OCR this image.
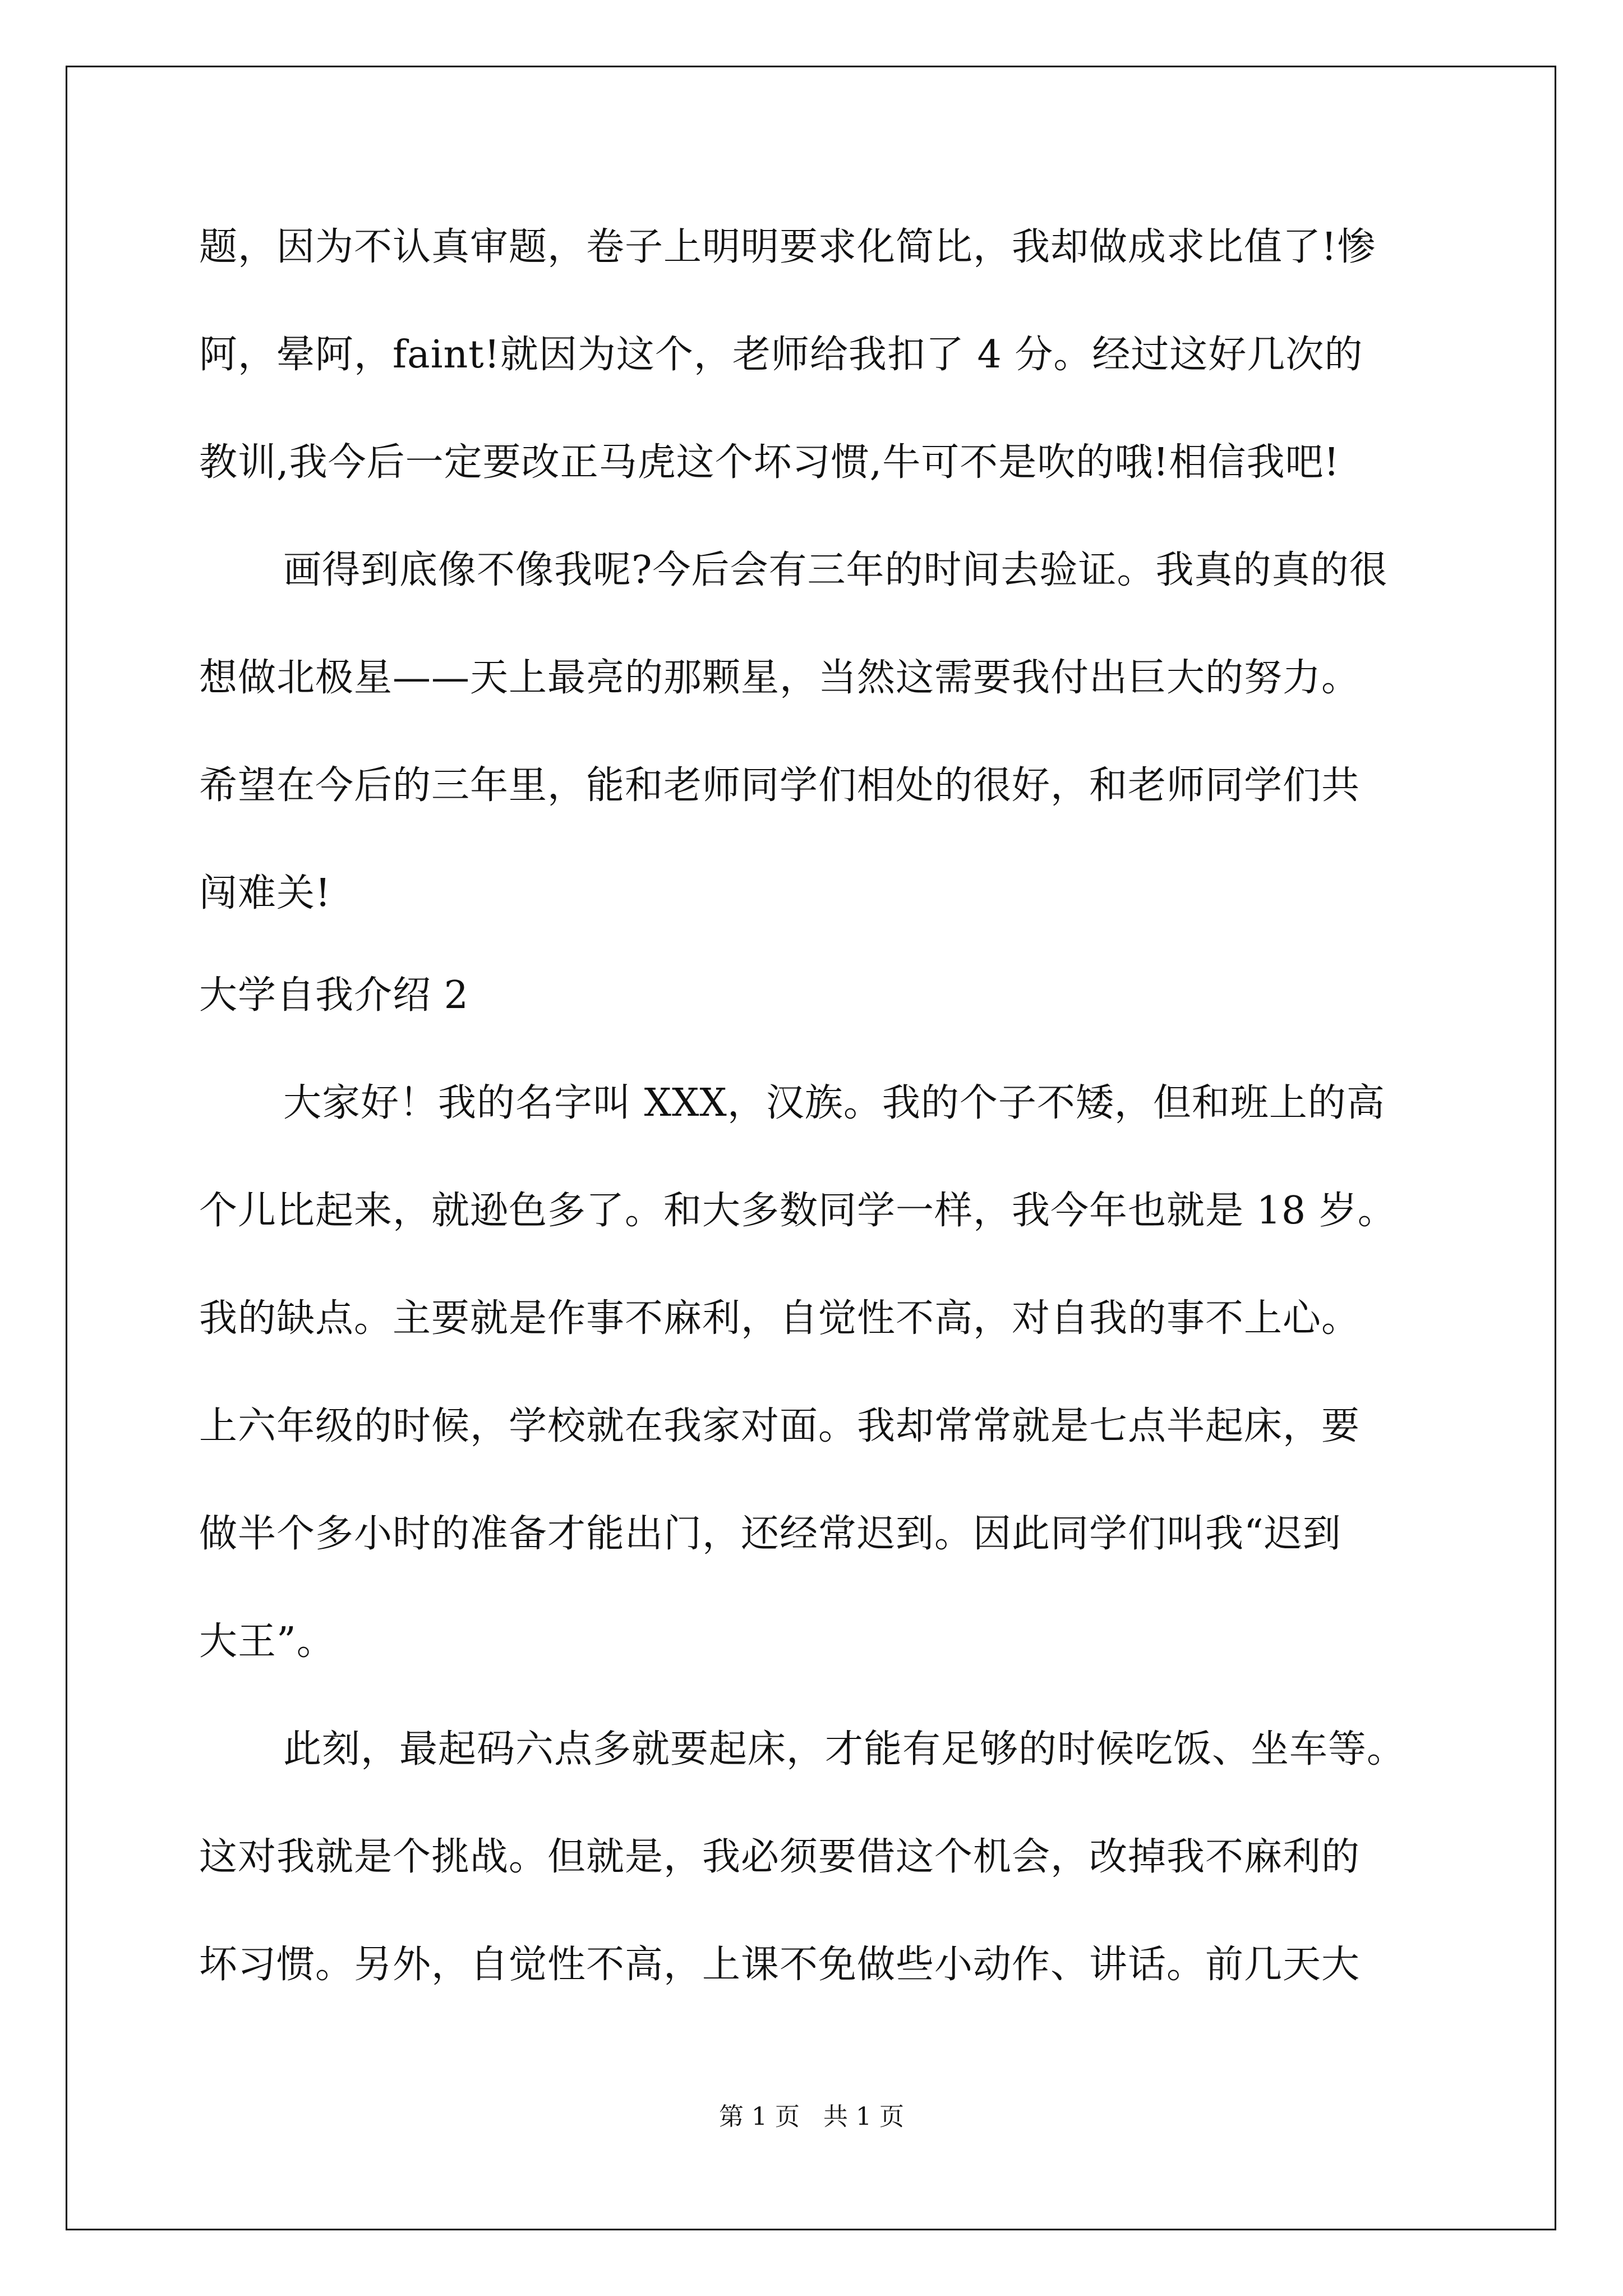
题，因为不认真审题，卷子上明明要求化简比，我却做成求比值了!惨
阿，晕阿，faint!就因为这个，老师给我扣了 4 分。经过这好几次的
教训,我今后一定要改正马虎这个坏习惯,牛可不是吹的哦!相信我吧!
画得到底像不像我呢?今后会有三年的时间去验证。我真的真的很
想做北极星——天上最亮的那颗星，当然这需要我付出巨大的努力。
希望在今后的三年里，能和老师同学们相处的很好，和老师同学们共
闯难关!
大学自我介绍 2
大家好！我的名字叫 XXX，汉族。我的个子不矮，但和班上的高
个儿比起来，就逊色多了。和大多数同学一样，我今年也就是 18 岁。
我的缺点。主要就是作事不麻利，自觉性不高，对自我的事不上心。
上六年级的时候，学校就在我家对面。我却常常就是七点半起床，要
做半个多小时的准备才能出门，还经常迟到。因此同学们叫我“迟到
大王”。
此刻，最起码六点多就要起床，才能有足够的时候吃饭、坐车等。
这对我就是个挑战。但就是，我必须要借这个机会，改掉我不麻利的
坏习惯。另外，自觉性不高，上课不免做些小动作、讲话。前几天大
第 1 页   共 1 页
